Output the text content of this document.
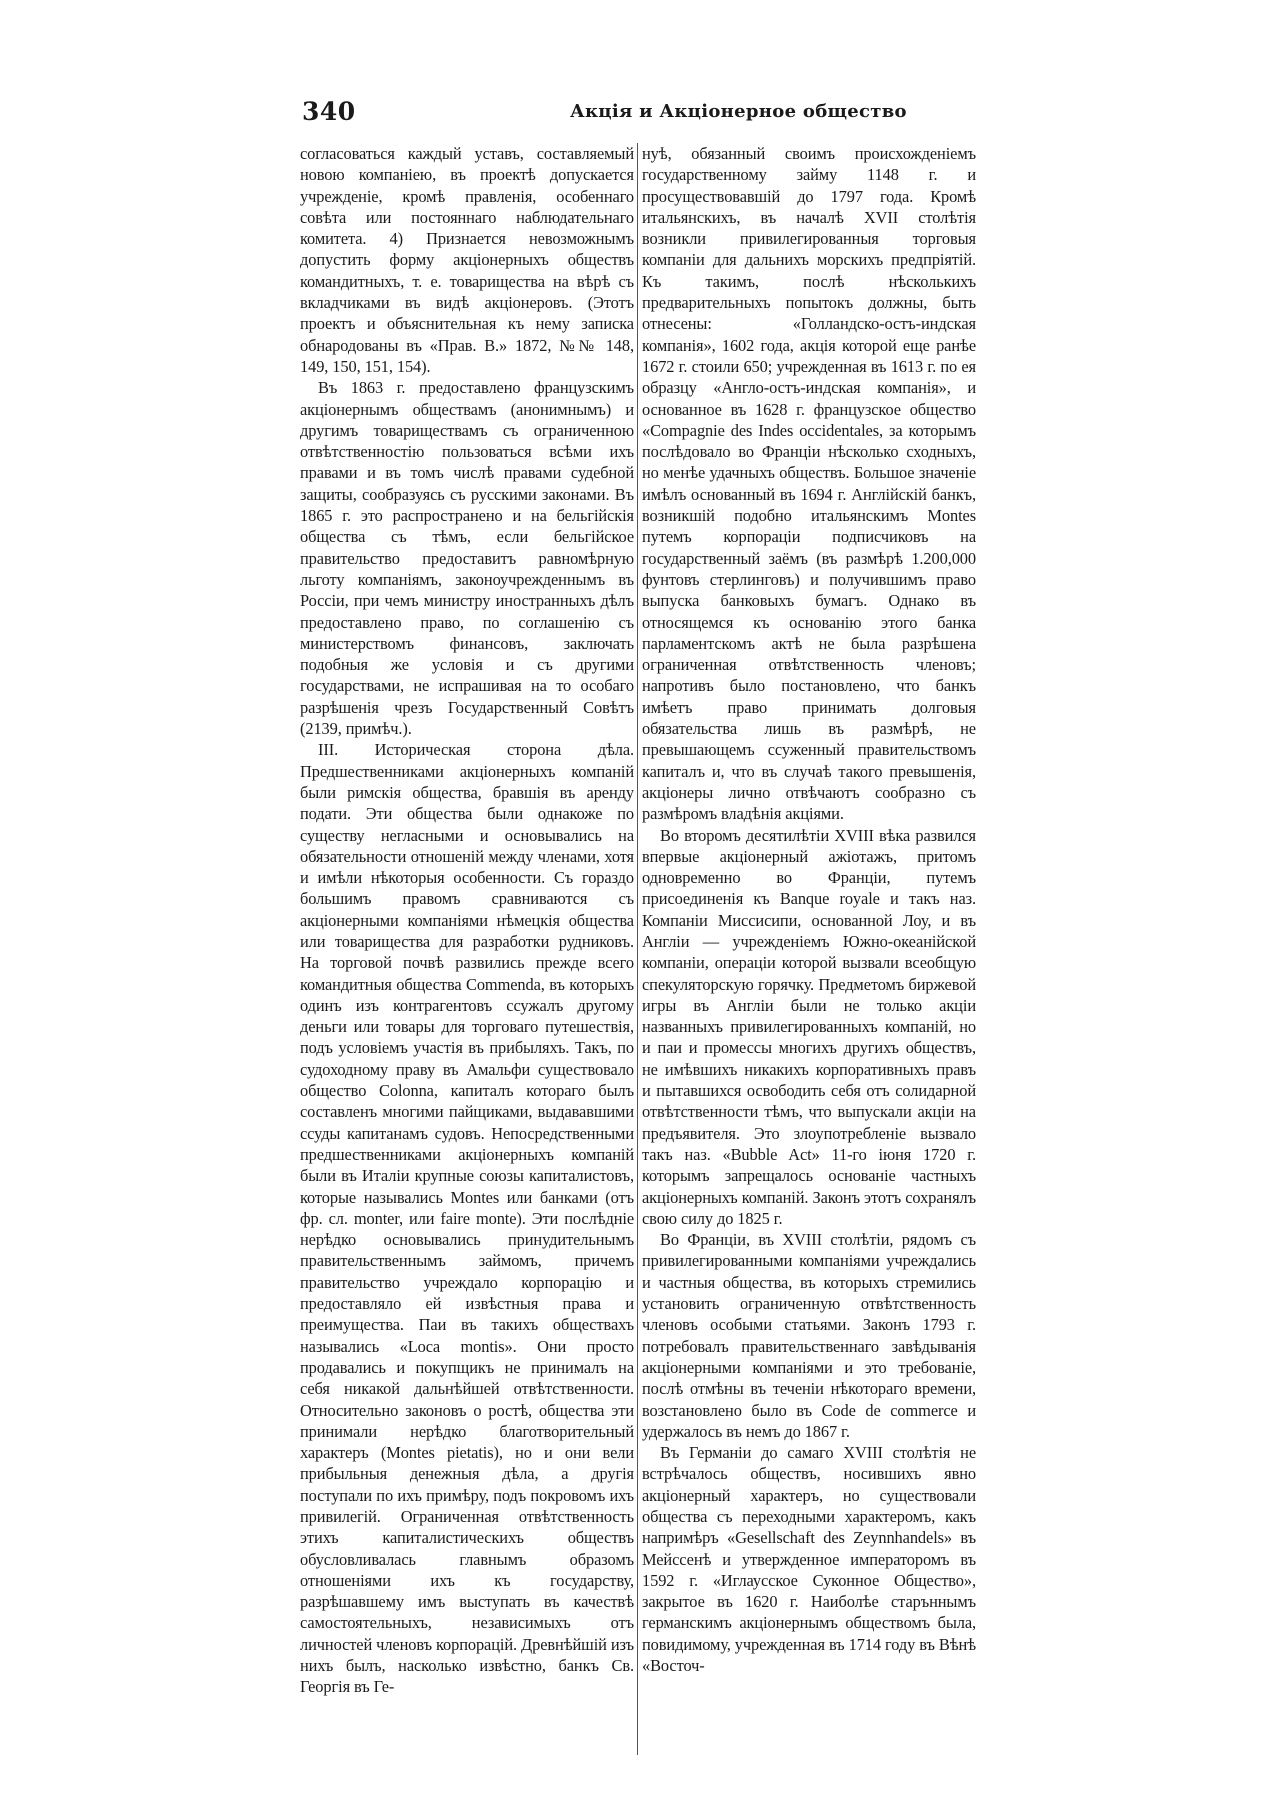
340	Акція и Акціонерное общество

согласоваться каждый уставъ, составляемый новою компаніею, въ проектѣ допускается учрежденіе, кромѣ правленія, особеннаго совѣта или постояннаго наблюдательнаго комитета. 4) Признается невозможнымъ допустить форму акціонерныхъ обществъ командитныхъ, т. е. товарищества на вѣрѣ съ вкладчиками въ видѣ акціонеровъ. (Этотъ проектъ и объяснительная къ нему записка обнародованы въ «Прав. В.» 1872, №№ 148, 149, 150, 151, 154).

Въ 1863 г. предоставлено французскимъ акціонернымъ обществамъ (анонимнымъ) и другимъ товариществамъ съ ограниченною отвѣтственностію пользоваться всѣми ихъ правами и въ томъ числѣ правами судебной защиты, сообразуясь съ русскими законами. Въ 1865 г. это распространено и на бельгійскія общества съ тѣмъ, если бельгійское правительство предоставитъ равномѣрную льготу компаніямъ, законоучрежденнымъ въ Россіи, при чемъ министру иностранныхъ дѣлъ предоставлено право, по соглашенію съ министерствомъ финансовъ, заключать подобныя же условія и съ другими государствами, не испрашивая на то особаго разрѣшенія чрезъ Государственный Совѣтъ (2139, примѣч.).

III. Историческая сторона дѣла. Предшественниками акціонерныхъ компаній были римскія общества, бравшія въ аренду подати. Эти общества были однакоже по существу негласными и основывались на обязательности отношеній между членами, хотя и имѣли нѣкоторыя особенности. Съ гораздо большимъ правомъ сравниваются съ акціонерными компаніями нѣмецкія общества или товарищества для разработки рудниковъ. На торговой почвѣ развились прежде всего командитныя общества Commenda, въ которыхъ одинъ изъ контрагентовъ ссужалъ другому деньги или товары для торговаго путешествія, подъ условіемъ участія въ прибыляхъ. Такъ, по судоходному праву въ Амальфи существовало общество Colonna, капиталъ котораго былъ составленъ многими пайщиками, выдававшими ссуды капитанамъ судовъ. Непосредственными предшественниками акціонерныхъ компаній были въ Италіи крупные союзы капиталистовъ, которые назывались Montes или банками (отъ фр. сл. monter, или faire monte). Эти послѣдніе нерѣдко основывались принудительнымъ правительственнымъ займомъ, причемъ правительство учреждало корпорацію и предоставляло ей извѣстныя права и преимущества. Паи въ такихъ обществахъ назывались «Loca montis». Они просто продавались и покупщикъ не принималъ на себя никакой дальнѣйшей отвѣтственности. Относительно законовъ о ростѣ, общества эти принимали нерѣдко благотворительный характеръ (Montes pietatis), но и они вели прибыльныя денежныя дѣла, а другія поступали по ихъ примѣру, подъ покровомъ ихъ привилегій. Ограниченная отвѣтственность этихъ капиталистическихъ обществъ обусловливалась главнымъ образомъ отношеніями ихъ къ государству, разрѣшавшему имъ выступать въ качествѣ самостоятельныхъ, независимыхъ отъ личностей членовъ корпорацій. Древнѣйшій изъ нихъ былъ, насколько извѣстно, банкъ Св. Георгія въ Ге-

нуѣ, обязанный своимъ происхожденіемъ государственному займу 1148 г. и просуществовавшій до 1797 года. Кромѣ итальянскихъ, въ началѣ XVII столѣтія возникли привилегированныя торговыя компаніи для дальнихъ морскихъ предпріятій. Къ такимъ, послѣ нѣсколькихъ предварительныхъ попытокъ должны, быть отнесены: «Голландско-остъ-индская компанія», 1602 года, акція которой еще ранѣе 1672 г. стоили 650; учрежденная въ 1613 г. по ея образцу «Англо-остъ-индская компанія», и основанное въ 1628 г. французское общество «Compagnie des Indes occidentales, за которымъ послѣдовало во Франціи нѣсколько сходныхъ, но менѣе удачныхъ обществъ. Большое значеніе имѣлъ основанный въ 1694 г. Англійскій банкъ, возникшій подобно итальянскимъ Montes путемъ корпораціи подписчиковъ на государственный заёмъ (въ размѣрѣ 1.200,000 фунтовъ стерлинговъ) и получившимъ право выпуска банковыхъ бумагъ. Однако въ относящемся къ основанію этого банка парламентскомъ актѣ не была разрѣшена ограниченная отвѣтственность членовъ; напротивъ было постановлено, что банкъ имѣетъ право принимать долговыя обязательства лишь въ размѣрѣ, не превышающемъ ссуженный правительствомъ капиталъ и, что въ случаѣ такого превышенія, акціонеры лично отвѣчаютъ сообразно съ размѣромъ владѣнія акціями.

Во второмъ десятилѣтіи XVIII вѣка развился впервые акціонерный ажіотажъ, притомъ одновременно во Франціи, путемъ присоединенія къ Banque royale и такъ наз. Компаніи Миссисипи, основанной Лоу, и въ Англіи — учрежденіемъ Южно-океанійской компаніи, операціи которой вызвали всеобщую спекуляторскую горячку. Предметомъ биржевой игры въ Англіи были не только акціи названныхъ привилегированныхъ компаній, но и паи и промессы многихъ другихъ обществъ, не имѣвшихъ никакихъ корпоративныхъ правъ и пытавшихся освободить себя отъ солидарной отвѣтственности тѣмъ, что выпускали акціи на предъявителя. Это злоупотребленіе вызвало такъ наз. «Bubble Act» 11-го іюня 1720 г. которымъ запрещалось основаніе частныхъ акціонерныхъ компаній. Законъ этотъ сохранялъ свою силу до 1825 г.

Во Франціи, въ XVIII столѣтіи, рядомъ съ привилегированными компаніями учреждались и частныя общества, въ которыхъ стремились установить ограниченную отвѣтственность членовъ особыми статьями. Законъ 1793 г. потребовалъ правительственнаго завѣдыванія акціонерными компаніями и это требованіе, послѣ отмѣны въ теченіи нѣкотораго времени, возстановлено было въ Code de commerce и удержалось въ немъ до 1867 г.

Въ Германіи до самаго XVIII столѣтія не встрѣчалось обществъ, носившихъ явно акціонерный характеръ, но существовали общества съ переходными характеромъ, какъ напримѣръ «Gesellschaft des Zeynnhandels» въ Мейссенѣ и утвержденное императоромъ въ 1592 г. «Иглаусское Суконное Общество», закрытое въ 1620 г. Наиболѣе старъннымъ германскимъ акціонернымъ обществомъ была, повидимому, учрежденная въ 1714 году въ Вѣнѣ «Восточ-
